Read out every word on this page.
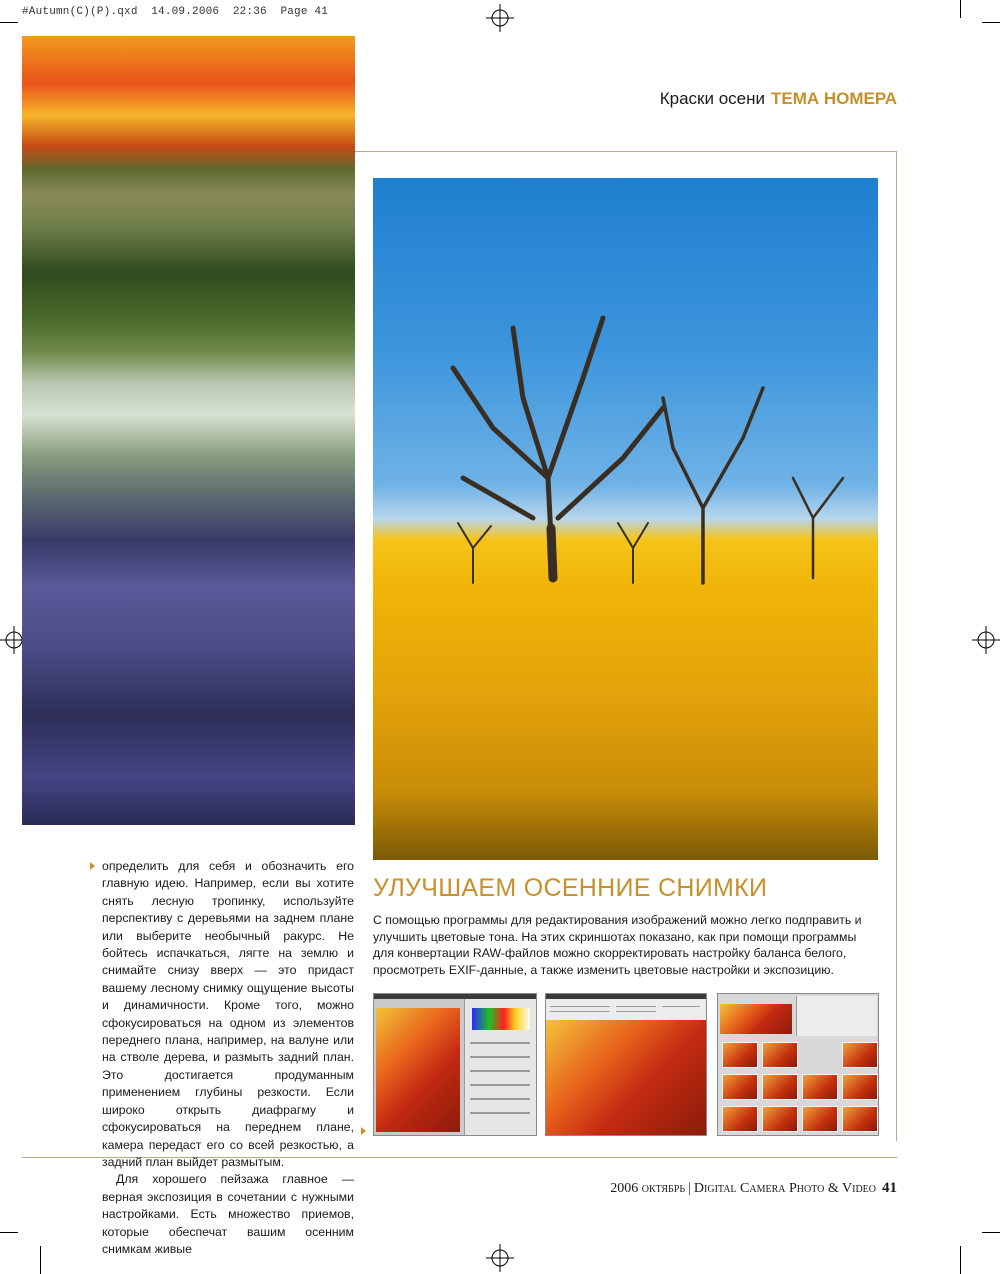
#Autumn(C)(P).qxd  14.09.2006  22:36  Page 41
Краски осени ТЕМА НОМЕРА

определить для себя и обозначить его главную идею. Например, если вы хотите снять лесную тропинку, используйте перспективу с деревьями на заднем плане или выберите необычный ракурс. Не бойтесь испачкаться, лягте на землю и снимайте снизу вверх — это придаст вашему лесному снимку ощущение высоты и динамичности. Кроме того, можно сфокусироваться на одном из элементов переднего плана, например, на валуне или на стволе дерева, и размыть задний план. Это достигается продуманным применением глубины резкости. Если широко открыть диафрагму и сфокусироваться на переднем плане, камера передаст его со всей резкостью, а задний план выйдет размытым.

Для хорошего пейзажа главное — верная экспозиция в сочетании с нужными настройками. Есть множество приемов, которые обеспечат вашим осенним снимкам живые

УЛУЧШАЕМ ОСЕННИЕ СНИМКИ
С помощью программы для редактирования изображений можно легко подправить и улучшить цветовые тона. На этих скриншотах показано, как при помощи программы для конвертации RAW-файлов можно скорректировать настройку баланса белого, просмотреть EXIF-данные, а также изменить цветовые настройки и экспозицию.
2006 октябрь | Digital Camera Photo & Video 41
